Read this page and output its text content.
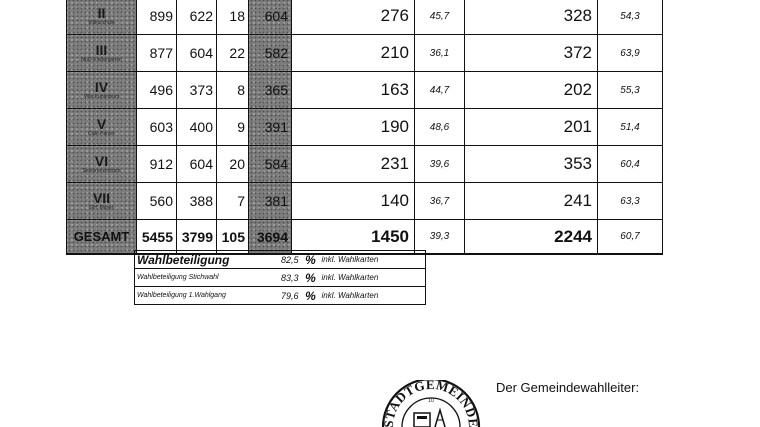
II
Volksschule	899	622	18	604	276	45,7	328	54,3

III
MuD-Kindergarten	877	604	22	582	210	36,1	372	63,9

IV
Villa Kunterbunt	496	373	8	365	163	44,7	202	55,3

V
Cafe Parzer	603	400	9	391	190	48,6	201	51,4

VI
Seniorenzentrum	912	604	20	584	231	39,6	353	60,4

VII
GH. Mayer	560	388	7	381	140	36,7	241	63,3
GESAMT	5455	3799	105	3694	1450	39,3	2244	60,7
Wahlbeteiligung	82,5	%	inkl. Wahlkarten
Wahlbeteiligung Stichwahl	83,3	%	inkl. Wahlkarten
Wahlbeteiligung 1.Wahlgang	79,6	%	inkl. Wahlkarten
STADTGEMEINDE
10
Der Gemeindewahlleiter:
